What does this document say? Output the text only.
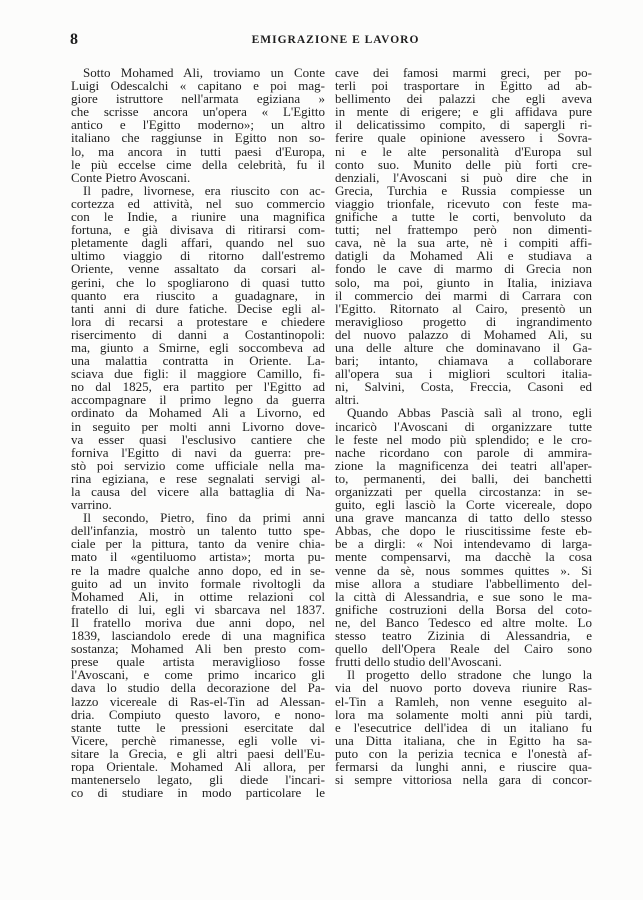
8	EMIGRAZIONE E LAVORO
Sotto Mohamed Ali, troviamo un Conte
Luigi Odescalchi « capitano e poi mag-
giore istruttore nell'armata egiziana »
che scrisse ancora un'opera « L'Egitto
antico e l'Egitto moderno»; un altro
italiano che raggiunse in Egitto non so-
lo, ma ancora in tutti paesi d'Europa,
le più eccelse cime della celebrità, fu il
Conte Pietro Avoscani.
Il padre, livornese, era riuscito con ac-
cortezza ed attività, nel suo commercio
con le Indie, a riunire una magnifica
fortuna, e già divisava di ritirarsi com-
pletamente dagli affari, quando nel suo
ultimo viaggio di ritorno dall'estremo
Oriente, venne assaltato da corsari al-
gerini, che lo spogliarono di quasi tutto
quanto era riuscito a guadagnare, in
tanti anni di dure fatiche. Decise egli al-
lora di recarsi a protestare e chiedere
risercimento di danni a Costantinopoli:
ma, giunto a Smirne, egli soccombeva ad
una malattia contratta in Oriente. La-
sciava due figli: il maggiore Camillo, fi-
no dal 1825, era partito per l'Egitto ad
accompagnare il primo legno da guerra
ordinato da Mohamed Ali a Livorno, ed
in seguito per molti anni Livorno dove-
va esser quasi l'esclusivo cantiere che
forniva l'Egitto di navi da guerra: pre-
stò poi servizio come ufficiale nella ma-
rina egiziana, e rese segnalati servigi al-
la causa del vicere alla battaglia di Na-
varrino.
Il secondo, Pietro, fino da primi anni
dell'infanzia, mostrò un talento tutto spe-
ciale per la pittura, tanto da venire chia-
mato il «gentiluomo artista»; morta pu-
re la madre qualche anno dopo, ed in se-
guito ad un invito formale rivoltogli da
Mohamed Ali, in ottime relazioni col
fratello di lui, egli vi sbarcava nel 1837.
Il fratello moriva due anni dopo, nel
1839, lasciandolo erede di una magnifica
sostanza; Mohamed Ali ben presto com-
prese quale artista meraviglioso fosse
l'Avoscani, e come primo incarico gli
dava lo studio della decorazione del Pa-
lazzo vicereale di Ras-el-Tin ad Alessan-
dria. Compiuto questo lavoro, e nono-
stante tutte le pressioni esercitate dal
Vicere, perchè rimanesse, egli volle vi-
sitare la Grecia, e gli altri paesi dell'Eu-
ropa Orientale. Mohamed Ali allora, per
mantenerselo legato, gli diede l'incari-
co di studiare in modo particolare le
cave dei famosi marmi greci, per po-
terli poi trasportare in Egitto ad ab-
bellimento dei palazzi che egli aveva
in mente di erigere; e gli affidava pure
il delicatissimo compito, di sapergli ri-
ferire quale opinione avessero i Sovra-
ni e le alte personalità d'Europa sul
conto suo. Munito delle più forti cre-
denziali, l'Avoscani si può dire che in
Grecia, Turchia e Russia compiesse un
viaggio trionfale, ricevuto con feste ma-
gnifiche a tutte le corti, benvoluto da
tutti; nel frattempo però non dimenti-
cava, nè la sua arte, nè i compiti affi-
datigli da Mohamed Ali e studiava a
fondo le cave di marmo di Grecia non
solo, ma poi, giunto in Italia, iniziava
il commercio dei marmi di Carrara con
l'Egitto. Ritornato al Cairo, presentò un
meraviglioso progetto di ingrandimento
del nuovo palazzo di Mohamed Ali, su
una delle alture che dominavano il Ga-
bari; intanto, chiamava a collaborare
all'opera sua i migliori scultori italia-
ni, Salvini, Costa, Freccia, Casoni ed
altri.
Quando Abbas Pascià salì al trono, egli
incaricò l'Avoscani di organizzare tutte
le feste nel modo più splendido; e le cro-
nache ricordano con parole di ammira-
zione la magnificenza dei teatri all'aper-
to, permanenti, dei balli, dei banchetti
organizzati per quella circostanza: in se-
guito, egli lasciò la Corte vicereale, dopo
una grave mancanza di tatto dello stesso
Abbas, che dopo le riuscitissime feste eb-
be a dirgli: « Noi intendevamo di larga-
mente compensarvi, ma dacchè la cosa
venne da sè, nous sommes quittes ». Si
mise allora a studiare l'abbellimento del-
la città di Alessandria, e sue sono le ma-
gnifiche costruzioni della Borsa del coto-
ne, del Banco Tedesco ed altre molte. Lo
stesso teatro Zizinia di Alessandria, e
quello dell'Opera Reale del Cairo sono
frutti dello studio dell'Avoscani.
Il progetto dello stradone che lungo la
via del nuovo porto doveva riunire Ras-
el-Tin a Ramleh, non venne eseguito al-
lora ma solamente molti anni più tardi,
e l'esecutrice dell'idea di un italiano fu
una Ditta italiana, che in Egitto ha sa-
puto con la perizia tecnica e l'onestà af-
fermarsi da lunghi anni, e riuscire qua-
si sempre vittoriosa nella gara di concor-
